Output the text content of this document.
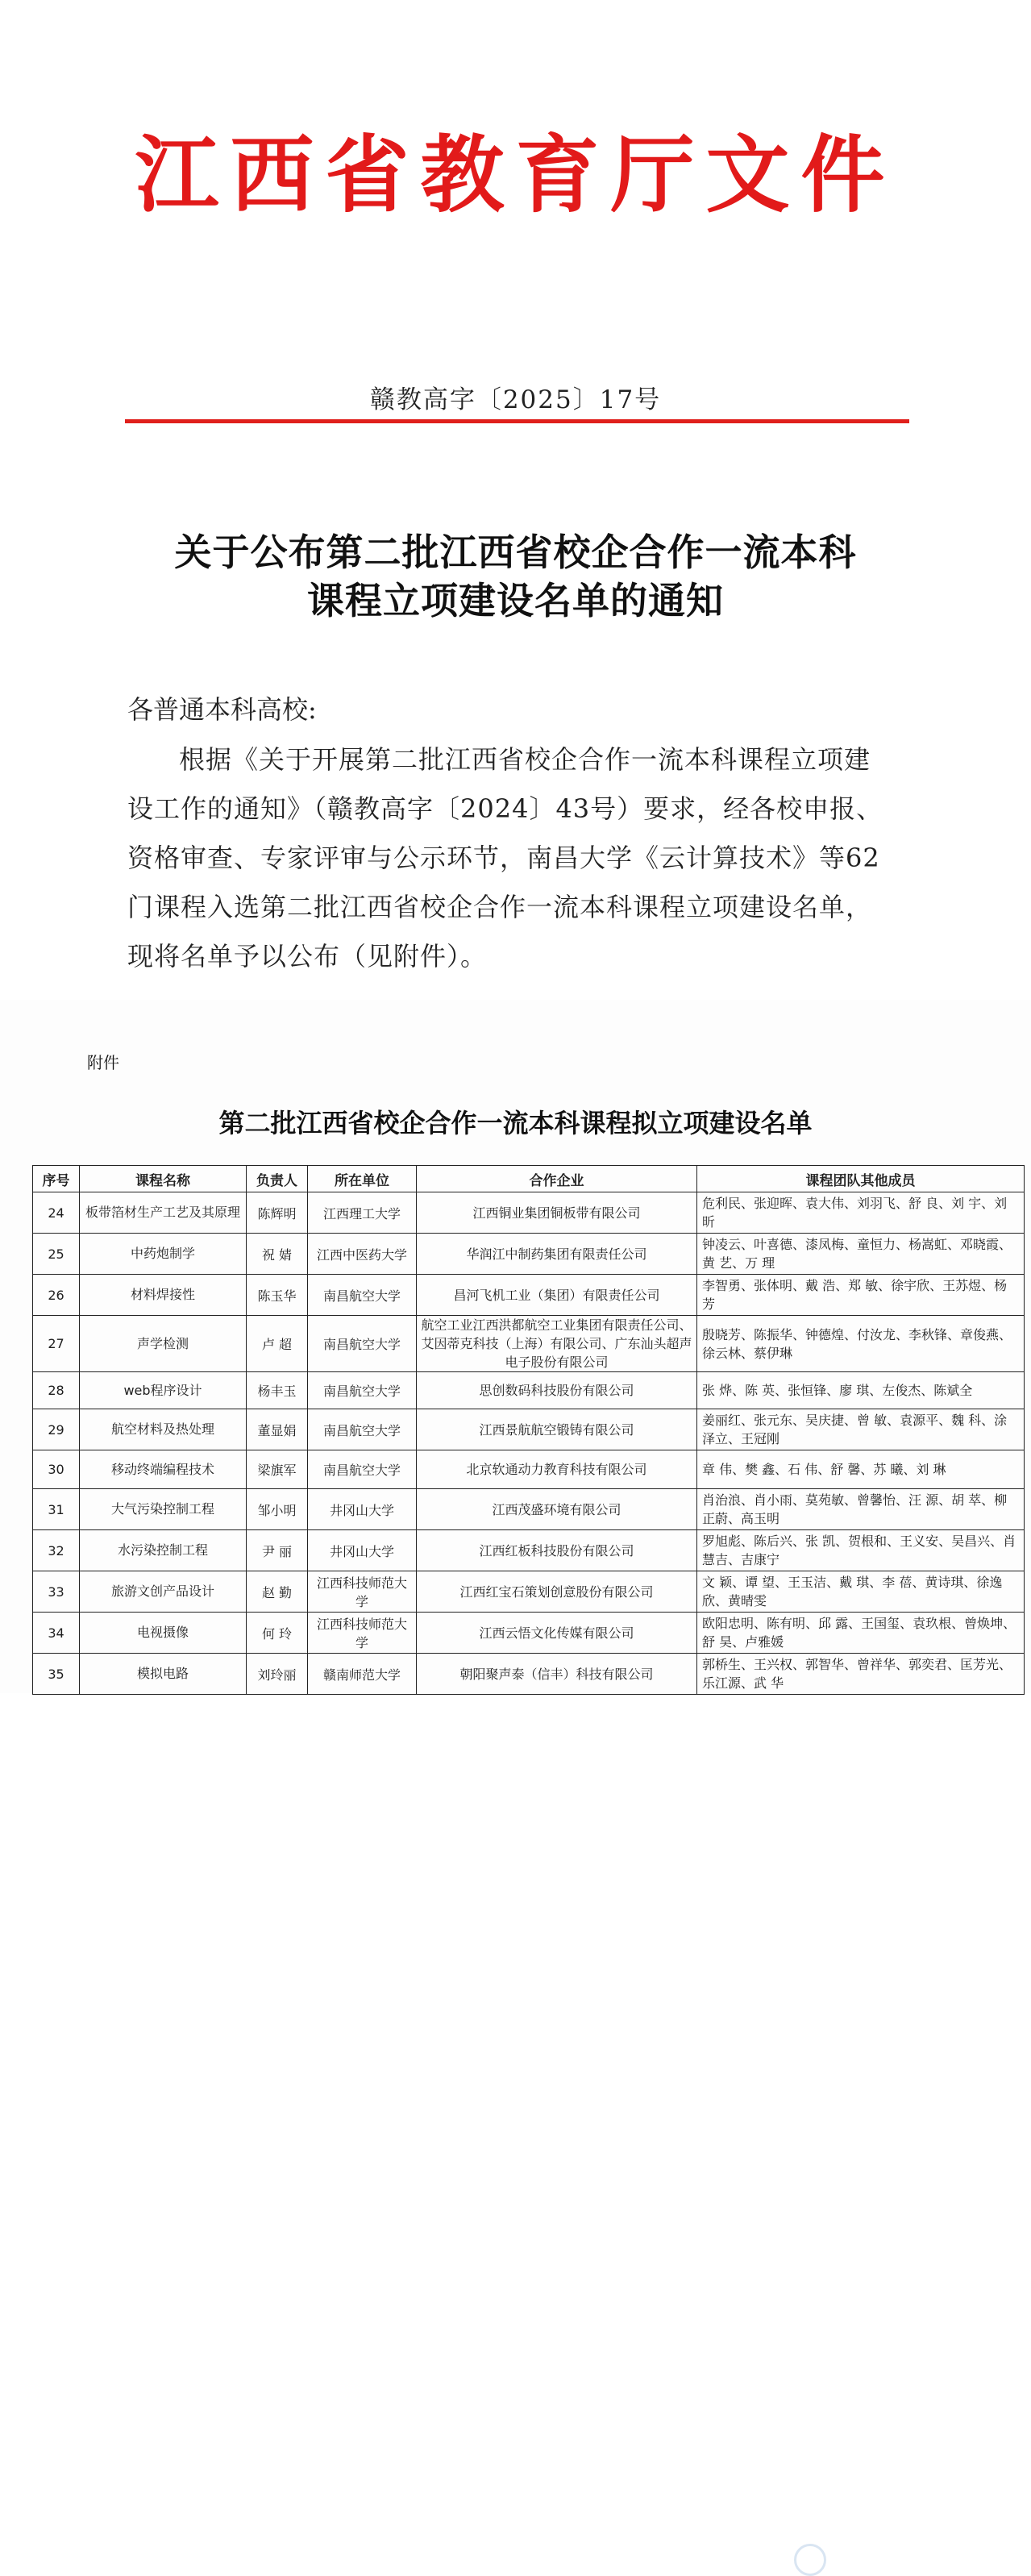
江西省教育厅文件
赣教高字〔2025〕17号
关于公布第二批江西省校企合作一流本科
课程立项建设名单的通知
各普通本科高校:
根据《关于开展第二批江西省校企合作一流本科课程立项建
设工作的通知》（赣教高字〔2024〕43号）要求，经各校申报、
资格审查、专家评审与公示环节，南昌大学《云计算技术》等62
门课程入选第二批江西省校企合作一流本科课程立项建设名单，
现将名单予以公布（见附件）。
附件
第二批江西省校企合作一流本科课程拟立项建设名单
序号	课程名称	负责人	所在单位	合作企业	课程团队其他成员
24	板带箔材生产工艺及其原理	陈辉明	江西理工大学	江西铜业集团铜板带有限公司	危利民、张迎晖、袁大伟、刘羽飞、舒 良、刘 宇、刘 昕
25	中药炮制学	祝 婧	江西中医药大学	华润江中制药集团有限责任公司	钟凌云、叶喜德、漆凤梅、童恒力、杨嵩虹、邓晓霞、黄 艺、万 理
26	材料焊接性	陈玉华	南昌航空大学	昌河飞机工业（集团）有限责任公司	李智勇、张体明、戴 浩、郑 敏、徐宇欣、王苏煜、杨 芳
27	声学检测	卢 超	南昌航空大学	航空工业江西洪都航空工业集团有限责任公司、艾因蒂克科技（上海）有限公司、广东汕头超声电子股份有限公司	殷晓芳、陈振华、钟德煌、付汝龙、李秋锋、章俊燕、徐云林、蔡伊琳
28	web程序设计	杨丰玉	南昌航空大学	思创数码科技股份有限公司	张 烨、陈 英、张恒锋、廖 琪、左俊杰、陈斌全
29	航空材料及热处理	董显娟	南昌航空大学	江西景航航空锻铸有限公司	姜丽红、张元东、吴庆捷、曾 敏、袁源平、魏 科、涂泽立、王冠刚
30	移动终端编程技术	梁旗军	南昌航空大学	北京软通动力教育科技有限公司	章 伟、樊 鑫、石 伟、舒 馨、苏 曦、刘 琳
31	大气污染控制工程	邹小明	井冈山大学	江西茂盛环境有限公司	肖治浪、肖小雨、莫苑敏、曾馨怡、汪 源、胡 萃、柳正蔚、高玉明
32	水污染控制工程	尹 丽	井冈山大学	江西红板科技股份有限公司	罗旭彪、陈后兴、张 凯、贺根和、王义安、吴昌兴、肖慧吉、吉康宁
33	旅游文创产品设计	赵 勤	江西科技师范大学	江西红宝石策划创意股份有限公司	文 颖、谭 望、王玉洁、戴 琪、李 蓓、黄诗琪、徐逸欣、黄晴雯
34	电视摄像	何 玲	江西科技师范大学	江西云悟文化传媒有限公司	欧阳忠明、陈有明、邱 露、王国玺、袁玖根、曾焕坤、舒 昊、卢雅媛
35	模拟电路	刘玲丽	赣南师范大学	朝阳聚声泰（信丰）科技有限公司	郭桥生、王兴权、郭智华、曾祥华、郭奕君、匡芳光、乐江源、武 华
